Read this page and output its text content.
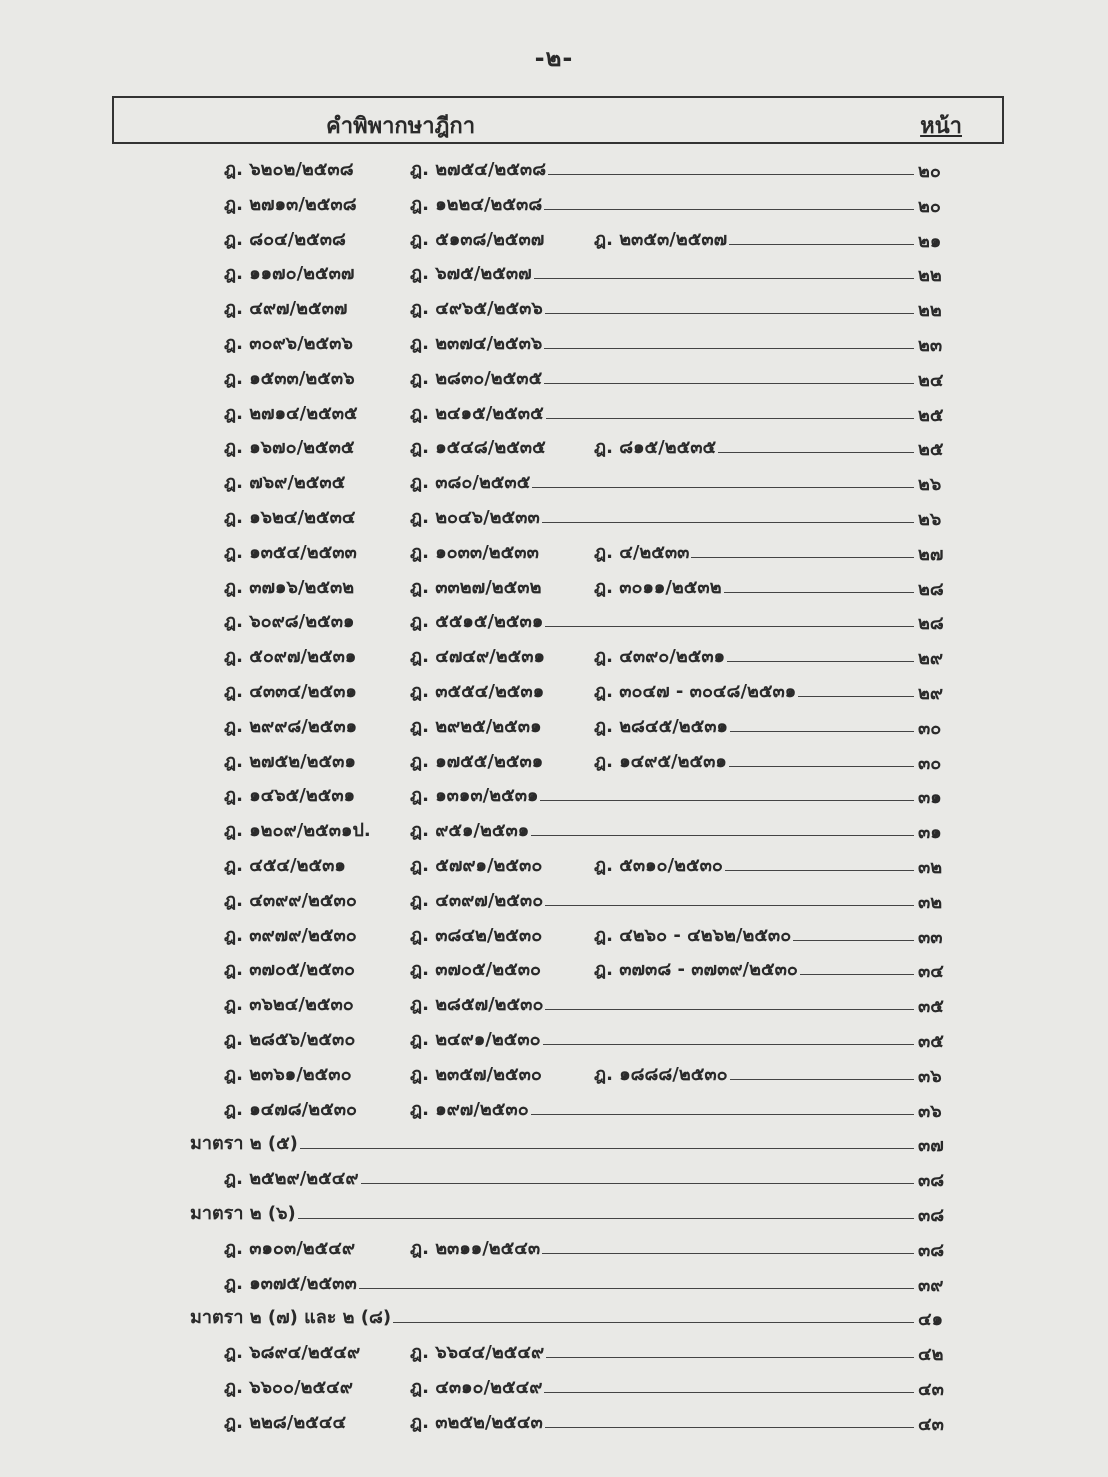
-๒-
คำพิพากษาฎีกา	หน้า
ฎ. ๖๒๐๒/๒๕๓๘	ฎ. ๒๗๕๔/๒๕๓๘	๒๐
ฎ. ๒๗๑๓/๒๕๓๘	ฎ. ๑๒๒๔/๒๕๓๘	๒๐
ฎ. ๘๐๔/๒๕๓๘	ฎ. ๕๑๓๘/๒๕๓๗	ฎ. ๒๓๕๓/๒๕๓๗	๒๑
ฎ. ๑๑๗๐/๒๕๓๗	ฎ. ๖๗๕/๒๕๓๗	๒๒
ฎ. ๔๙๗/๒๕๓๗	ฎ. ๔๙๖๕/๒๕๓๖	๒๒
ฎ. ๓๐๙๖/๒๕๓๖	ฎ. ๒๓๗๔/๒๕๓๖	๒๓
ฎ. ๑๕๓๓/๒๕๓๖	ฎ. ๒๘๓๐/๒๕๓๕	๒๔
ฎ. ๒๗๑๔/๒๕๓๕	ฎ. ๒๔๑๕/๒๕๓๕	๒๕
ฎ. ๑๖๗๐/๒๕๓๕	ฎ. ๑๕๔๘/๒๕๓๕	ฎ. ๘๑๕/๒๕๓๕	๒๕
ฎ. ๗๖๙/๒๕๓๕	ฎ. ๓๘๐/๒๕๓๕	๒๖
ฎ. ๑๖๒๔/๒๕๓๔	ฎ. ๒๐๔๖/๒๕๓๓	๒๖
ฎ. ๑๓๕๔/๒๕๓๓	ฎ. ๑๐๓๓/๒๕๓๓	ฎ. ๔/๒๕๓๓	๒๗
ฎ. ๓๗๑๖/๒๕๓๒	ฎ. ๓๓๒๗/๒๕๓๒	ฎ. ๓๐๑๑/๒๕๓๒	๒๘
ฎ. ๖๐๙๘/๒๕๓๑	ฎ. ๕๕๑๕/๒๕๓๑	๒๘
ฎ. ๕๐๙๗/๒๕๓๑	ฎ. ๔๗๔๙/๒๕๓๑	ฎ. ๔๓๙๐/๒๕๓๑	๒๙
ฎ. ๔๓๓๔/๒๕๓๑	ฎ. ๓๕๕๔/๒๕๓๑	ฎ. ๓๐๔๗ - ๓๐๔๘/๒๕๓๑	๒๙
ฎ. ๒๙๙๘/๒๕๓๑	ฎ. ๒๙๒๕/๒๕๓๑	ฎ. ๒๘๔๕/๒๕๓๑	๓๐
ฎ. ๒๗๕๒/๒๕๓๑	ฎ. ๑๗๕๕/๒๕๓๑	ฎ. ๑๔๙๕/๒๕๓๑	๓๐
ฎ. ๑๔๖๕/๒๕๓๑	ฎ. ๑๓๑๓/๒๕๓๑	๓๑
ฎ. ๑๒๐๙/๒๕๓๑ป. ฎ. ๙๕๑/๒๕๓๑	๓๑
ฎ. ๔๕๔/๒๕๓๑	ฎ. ๕๗๙๑/๒๕๓๐	ฎ. ๕๓๑๐/๒๕๓๐	๓๒
ฎ. ๔๓๙๙/๒๕๓๐	ฎ. ๔๓๙๗/๒๕๓๐	๓๒
ฎ. ๓๙๗๙/๒๕๓๐	ฎ. ๓๘๔๒/๒๕๓๐	ฎ. ๔๒๖๐ - ๔๒๖๒/๒๕๓๐	๓๓
ฎ. ๓๗๐๕/๒๕๓๐	ฎ. ๓๗๐๕/๒๕๓๐	ฎ. ๓๗๓๘ - ๓๗๓๙/๒๕๓๐	๓๔
ฎ. ๓๖๒๔/๒๕๓๐	ฎ. ๒๘๕๗/๒๕๓๐	๓๕
ฎ. ๒๘๕๖/๒๕๓๐	ฎ. ๒๔๙๑/๒๕๓๐	๓๕
ฎ. ๒๓๖๑/๒๕๓๐	ฎ. ๒๓๕๗/๒๕๓๐	ฎ. ๑๘๘๘/๒๕๓๐	๓๖
ฎ. ๑๔๗๘/๒๕๓๐	ฎ. ๑๙๗/๒๕๓๐	๓๖
มาตรา ๒ (๕)	๓๗
ฎ. ๒๕๒๙/๒๕๔๙	๓๘
มาตรา ๒ (๖)	๓๘
ฎ. ๓๑๐๓/๒๕๔๙	ฎ. ๒๓๑๑/๒๕๔๓	๓๘
ฎ. ๑๓๗๕/๒๕๓๓	๓๙
มาตรา ๒ (๗) และ ๒ (๘)	๔๑
ฎ. ๖๘๙๔/๒๕๔๙	ฎ. ๖๖๔๔/๒๕๔๙	๔๒
ฎ. ๖๖๐๐/๒๕๔๙	ฎ. ๔๓๑๐/๒๕๔๙	๔๓
ฎ. ๒๒๘/๒๕๔๔	ฎ. ๓๒๕๒/๒๕๔๓	๔๓
